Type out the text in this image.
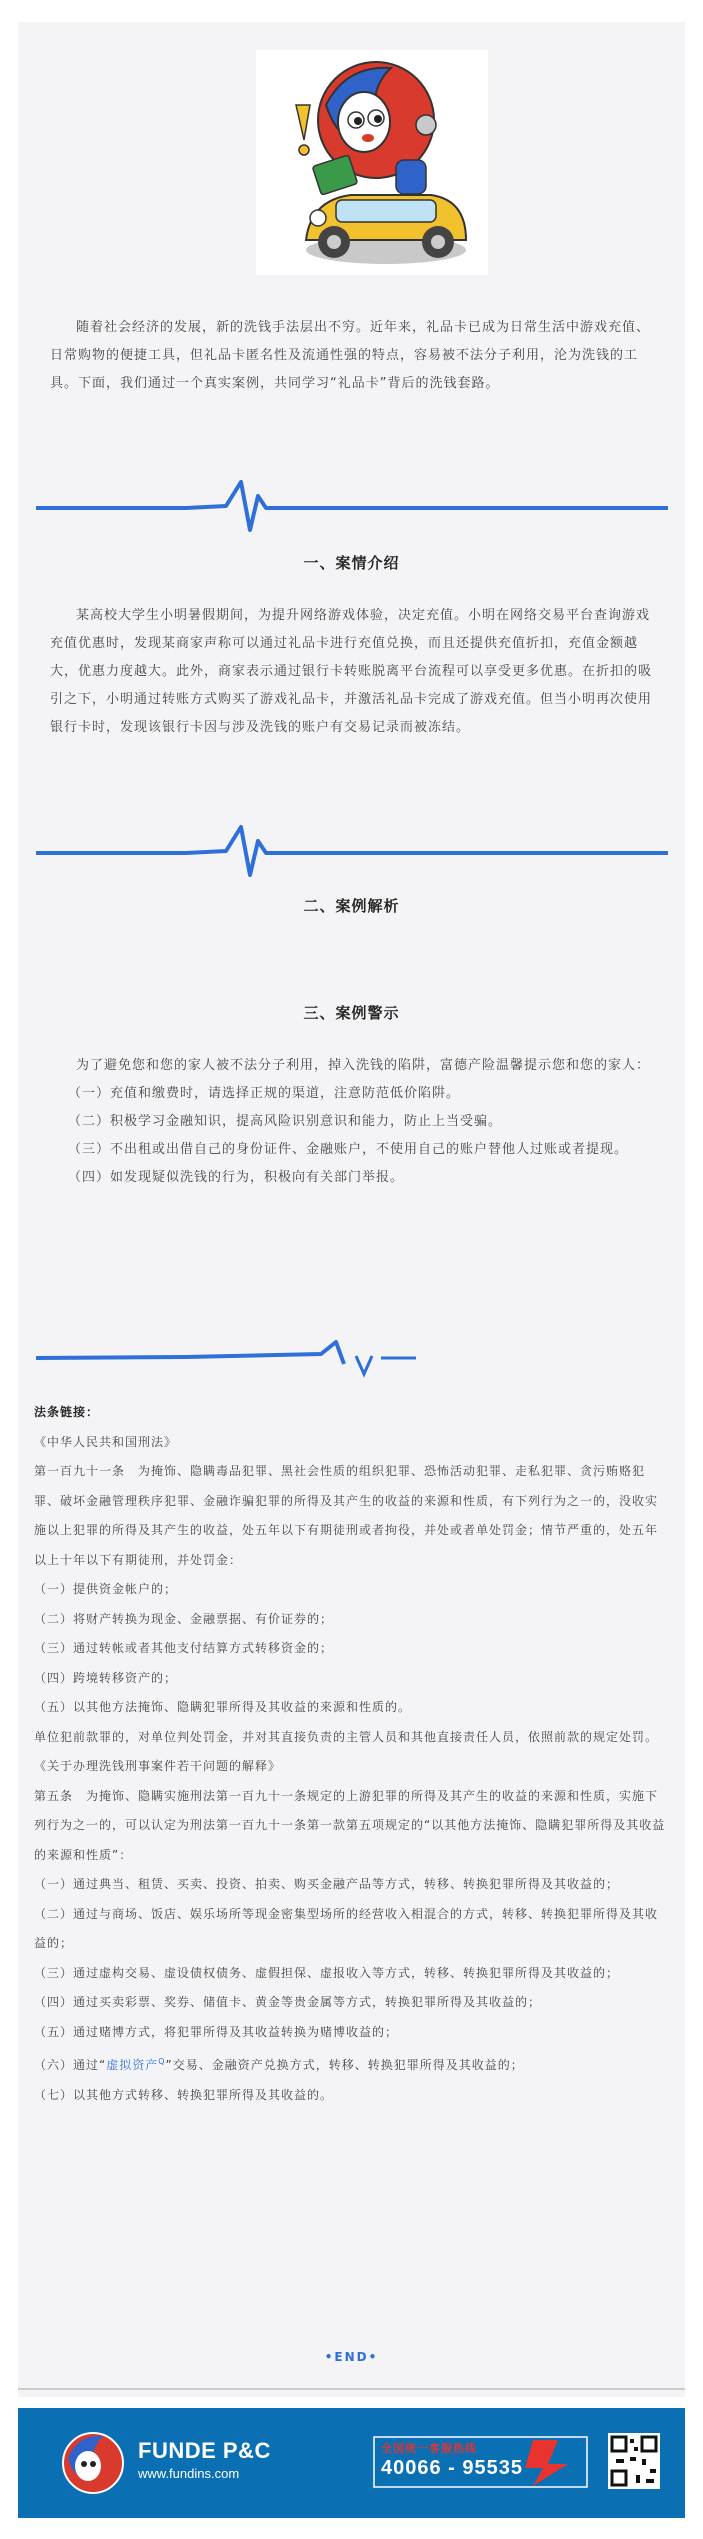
随着社会经济的发展，新的洗钱手法层出不穷。近年来，礼品卡已成为日常生活中游戏充值、日常购物的便捷工具，但礼品卡匿名性及流通性强的特点，容易被不法分子利用，沦为洗钱的工具。下面，我们通过一个真实案例，共同学习“礼品卡”背后的洗钱套路。

一、案情介绍

某高校大学生小明暑假期间，为提升网络游戏体验，决定充值。小明在网络交易平台查询游戏充值优惠时，发现某商家声称可以通过礼品卡进行充值兑换，而且还提供充值折扣，充值金额越大，优惠力度越大。此外，商家表示通过银行卡转账脱离平台流程可以享受更多优惠。在折扣的吸引之下，小明通过转账方式购买了游戏礼品卡，并激活礼品卡完成了游戏充值。但当小明再次使用银行卡时，发现该银行卡因与涉及洗钱的账户有交易记录而被冻结。

二、案例解析
三、案例警示

为了避免您和您的家人被不法分子利用，掉入洗钱的陷阱，富德产险温馨提示您和您的家人：

（一）充值和缴费时，请选择正规的渠道，注意防范低价陷阱。

（二）积极学习金融知识，提高风险识别意识和能力，防止上当受骗。

（三）不出租或出借自己的身份证件、金融账户，不使用自己的账户替他人过账或者提现。

（四）如发现疑似洗钱的行为，积极向有关部门举报。

法条链接：

《中华人民共和国刑法》

第一百九十一条　为掩饰、隐瞒毒品犯罪、黑社会性质的组织犯罪、恐怖活动犯罪、走私犯罪、贪污贿赂犯罪、破坏金融管理秩序犯罪、金融诈骗犯罪的所得及其产生的收益的来源和性质，有下列行为之一的，没收实施以上犯罪的所得及其产生的收益，处五年以下有期徒刑或者拘役，并处或者单处罚金；情节严重的，处五年以上十年以下有期徒刑，并处罚金：

（一）提供资金帐户的；

（二）将财产转换为现金、金融票据、有价证券的；

（三）通过转帐或者其他支付结算方式转移资金的；

（四）跨境转移资产的；

（五）以其他方法掩饰、隐瞒犯罪所得及其收益的来源和性质的。

单位犯前款罪的，对单位判处罚金，并对其直接负责的主管人员和其他直接责任人员，依照前款的规定处罚。

《关于办理洗钱刑事案件若干问题的解释》

第五条　为掩饰、隐瞒实施刑法第一百九十一条规定的上游犯罪的所得及其产生的收益的来源和性质，实施下列行为之一的，可以认定为刑法第一百九十一条第一款第五项规定的“以其他方法掩饰、隐瞒犯罪所得及其收益的来源和性质”：

（一）通过典当、租赁、买卖、投资、拍卖、购买金融产品等方式，转移、转换犯罪所得及其收益的；

（二）通过与商场、饭店、娱乐场所等现金密集型场所的经营收入相混合的方式，转移、转换犯罪所得及其收益的；

（三）通过虚构交易、虚设债权债务、虚假担保、虚报收入等方式，转移、转换犯罪所得及其收益的；

（四）通过买卖彩票、奖券、储值卡、黄金等贵金属等方式，转换犯罪所得及其收益的；

（五）通过赌博方式，将犯罪所得及其收益转换为赌博收益的；

（六）通过“虚拟资产$^Q$”交易、金融资产兑换方式，转移、转换犯罪所得及其收益的；

（七）以其他方式转移、转换犯罪所得及其收益的。

•END•
FUNDE P&C
www.fundins.com
全国统一客服热线
40066 - 95535
